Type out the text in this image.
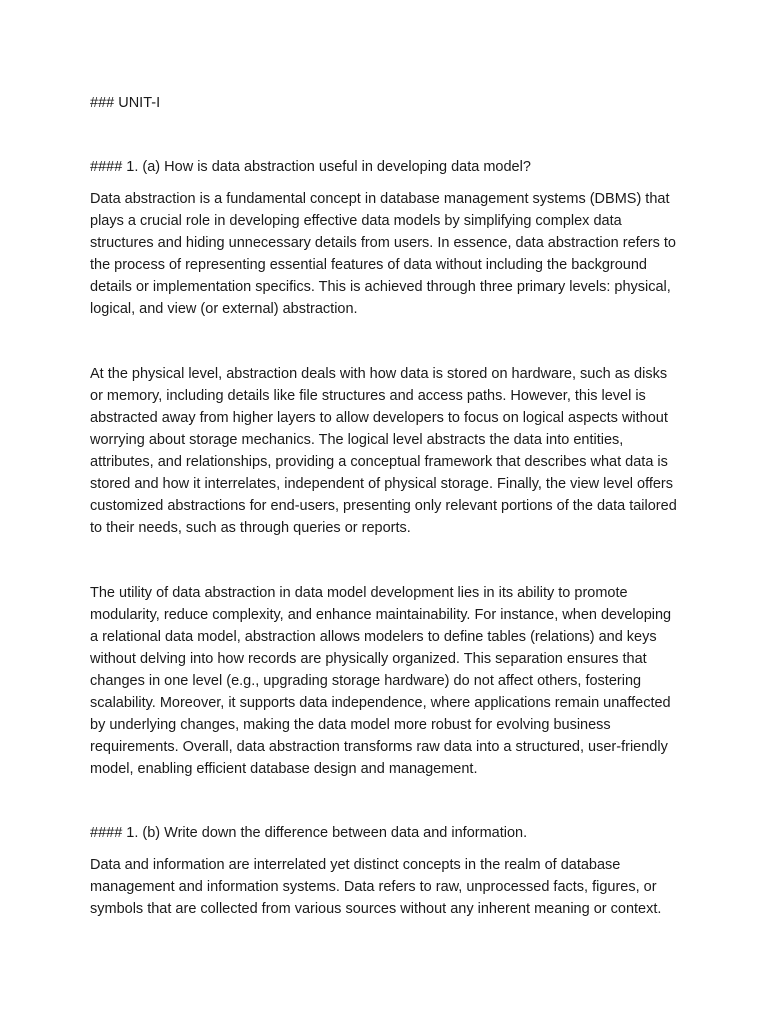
### UNIT-I

#### 1. (a) How is data abstraction useful in developing data model?

Data abstraction is a fundamental concept in database management systems (DBMS) that plays a crucial role in developing effective data models by simplifying complex data structures and hiding unnecessary details from users. In essence, data abstraction refers to the process of representing essential features of data without including the background details or implementation specifics. This is achieved through three primary levels: physical, logical, and view (or external) abstraction.

At the physical level, abstraction deals with how data is stored on hardware, such as disks or memory, including details like file structures and access paths. However, this level is abstracted away from higher layers to allow developers to focus on logical aspects without worrying about storage mechanics. The logical level abstracts the data into entities, attributes, and relationships, providing a conceptual framework that describes what data is stored and how it interrelates, independent of physical storage. Finally, the view level offers customized abstractions for end-users, presenting only relevant portions of the data tailored to their needs, such as through queries or reports.

The utility of data abstraction in data model development lies in its ability to promote modularity, reduce complexity, and enhance maintainability. For instance, when developing a relational data model, abstraction allows modelers to define tables (relations) and keys without delving into how records are physically organized. This separation ensures that changes in one level (e.g., upgrading storage hardware) do not affect others, fostering scalability. Moreover, it supports data independence, where applications remain unaffected by underlying changes, making the data model more robust for evolving business requirements. Overall, data abstraction transforms raw data into a structured, user-friendly model, enabling efficient database design and management.

#### 1. (b) Write down the difference between data and information.

Data and information are interrelated yet distinct concepts in the realm of database management and information systems. Data refers to raw, unprocessed facts, figures, or symbols that are collected from various sources without any inherent meaning or context.
